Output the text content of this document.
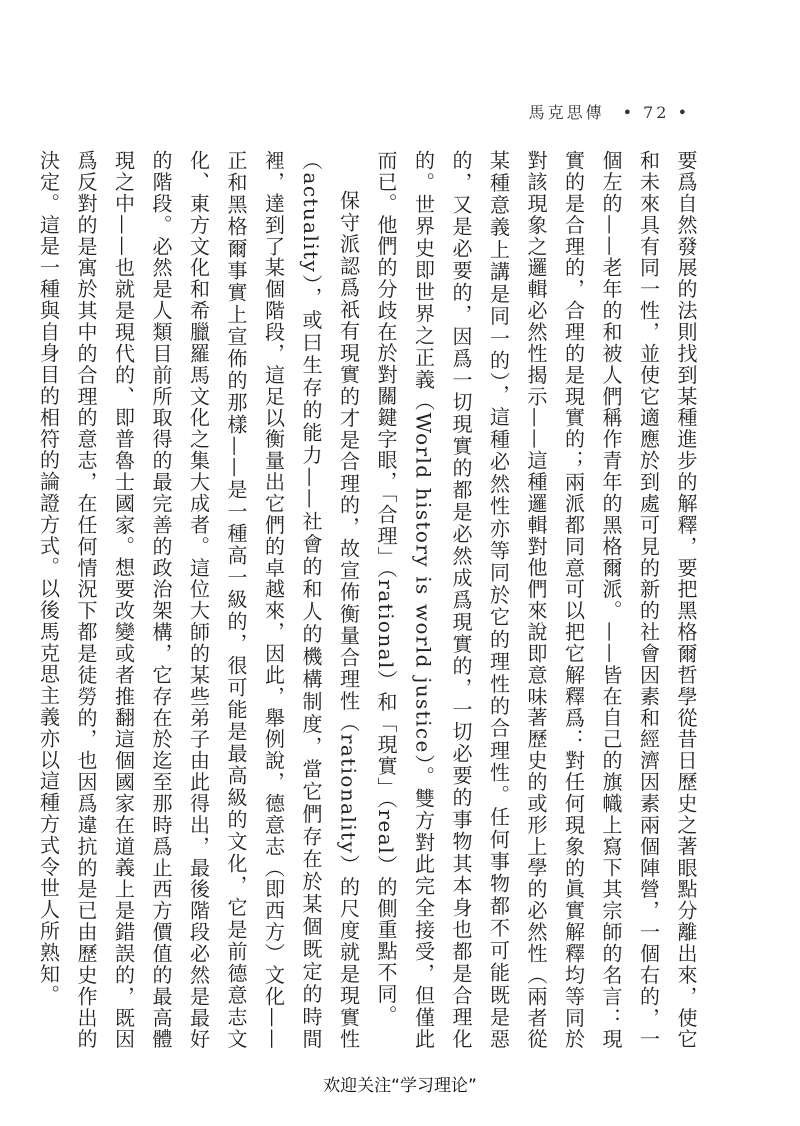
馬克思傳 • 72 •

要爲自然發展的法則找到某種進步的解釋，要把黑格爾哲學從昔日歷史之著眼點分離出來，使它和未來具有同一性，並使它適應於到處可見的新的社會因素和經濟因素兩個陣營，一個右的，一個左的——老年的和被人們稱作青年的黑格爾派。——皆在自己的旗幟上寫下其宗師的名言：現實的是合理的，合理的是現實的；兩派都同意可以把它解釋爲：對任何現象的眞實解釋均等同於對該現象之邏輯必然性揭示——這種邏輯對他們來說即意味著歷史的或形上學的必然性（兩者從某種意義上講是同一的），這種必然性亦等同於它的理性的合理性。任何事物都不可能既是惡的，又是必要的，因爲一切現實的都是必然成爲現實的，一切必要的事物其本身也都是合理化的。世界史即世界之正義（World history is world justice）。雙方對此完全接受，但僅此而已。他們的分歧在於對關鍵字眼，「合理」（rational）和「現實」（real）的側重點不同。

保守派認爲祇有現實的才是合理的，故宣佈衡量合理性（rationality）的尺度就是現實性（actuality），或曰生存的能力——社會的和人的機構制度，當它們存在於某個既定的時間裡，達到了某個階段，這足以衡量出它們的卓越來，因此，舉例說，德意志（即西方）文化——正和黑格爾事實上宣佈的那樣——是一種高一級的，很可能是最高級的文化，它是前德意志文化、東方文化和希臘羅馬文化之集大成者。這位大師的某些弟子由此得出，最後階段必然是最好的階段。必然是人類目前所取得的最完善的政治架構，它存在於迄至那時爲止西方價值的最高體現之中——也就是現代的、即普魯士國家。想要改變或者推翻這個國家在道義上是錯誤的，既因爲反對的是寓於其中的合理的意志，在任何情況下都是徒勞的，也因爲違抗的是已由歷史作出的決定。這是一種與自身目的相符的論證方式。以後馬克思主義亦以這種方式令世人所熟知。

欢迎关注“学习理论”
